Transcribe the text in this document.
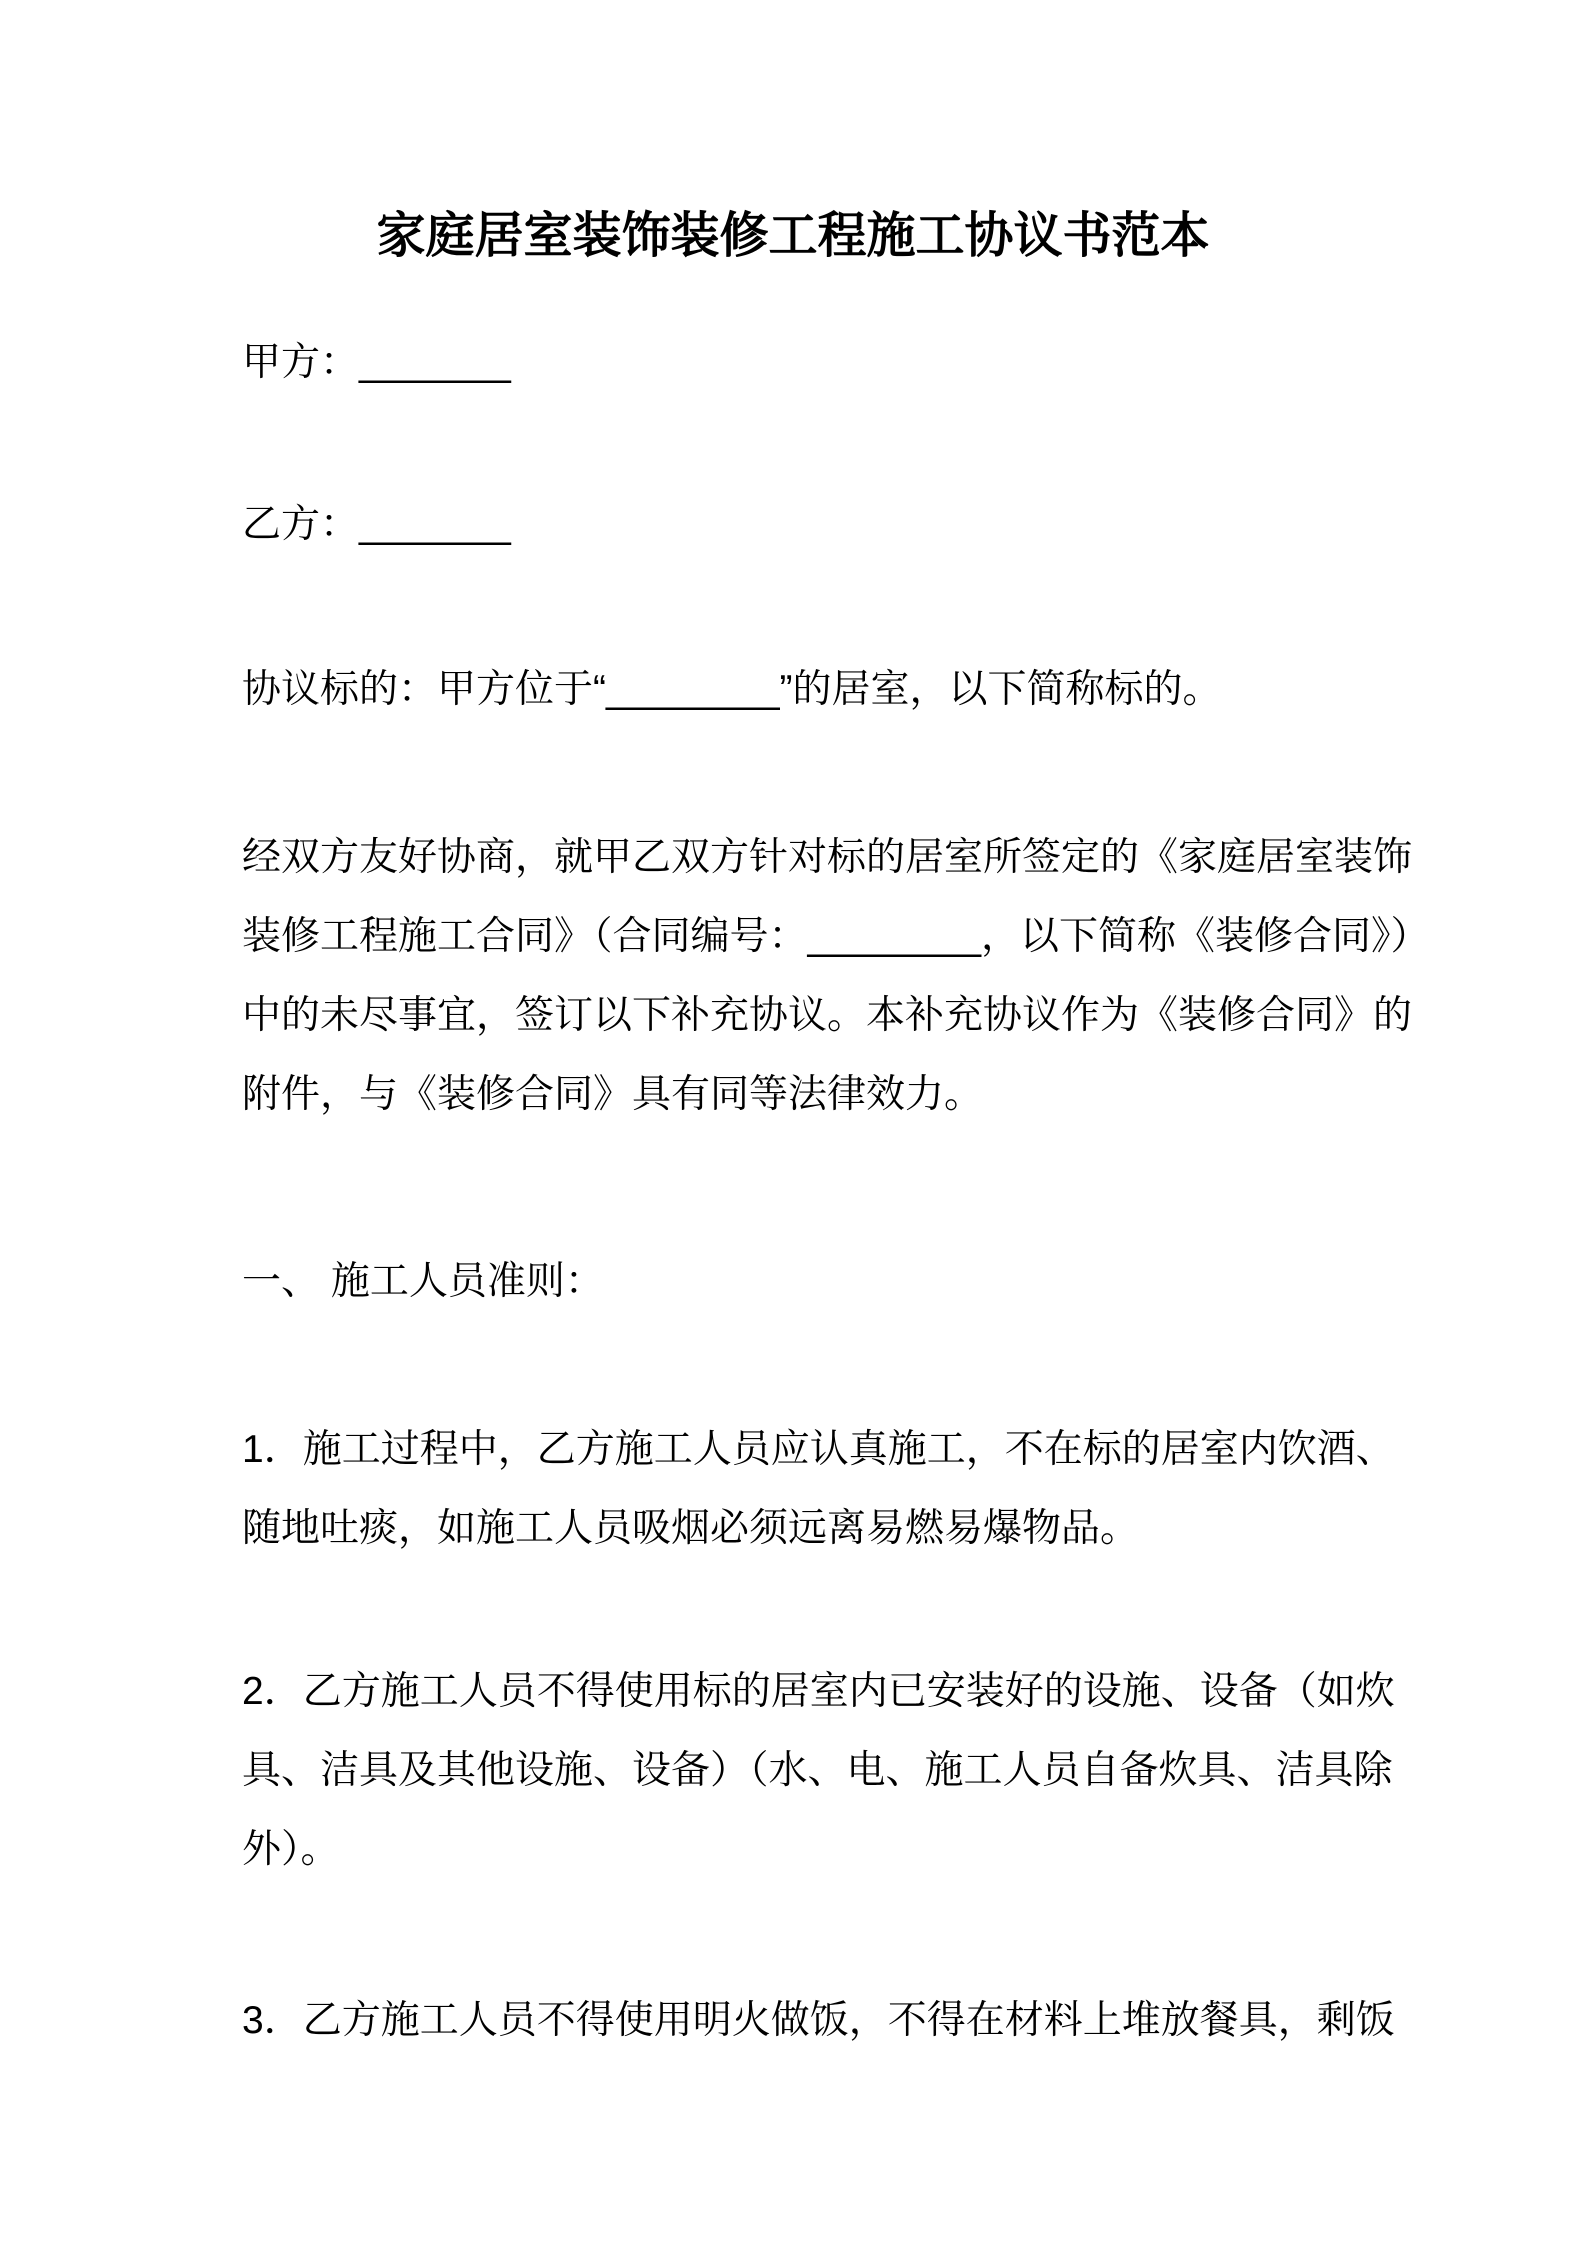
家庭居室装饰装修工程施工协议书范本
甲方：_______
乙方：_______
协议标的：甲方位于“________”的居室，以下简称标的。
经双方友好协商，就甲乙双方针对标的居室所签定的《家庭居室装饰
装修工程施工合同》（合同编号：________，以下简称《装修合同》）
中的未尽事宜，签订以下补充协议。本补充协议作为《装修合同》的
附件，与《装修合同》具有同等法律效力。
一、 施工人员准则：
1．施工过程中，乙方施工人员应认真施工，不在标的居室内饮酒、
随地吐痰，如施工人员吸烟必须远离易燃易爆物品。
2．乙方施工人员不得使用标的居室内已安装好的设施、设备（如炊
具、洁具及其他设施、设备）（水、电、施工人员自备炊具、洁具除
外）。
3．乙方施工人员不得使用明火做饭，不得在材料上堆放餐具，剩饭
